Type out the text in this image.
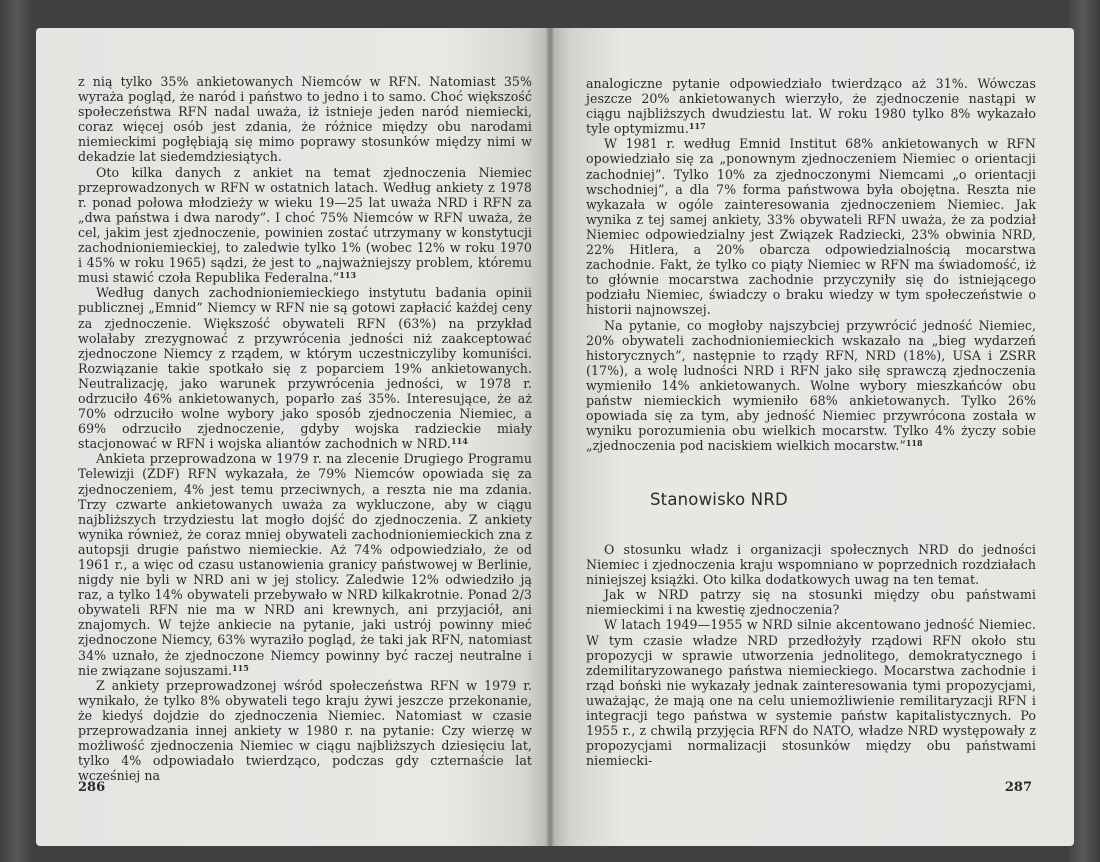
z nią tylko 35% ankietowanych Niemców w RFN. Natomiast 35% wyraża pogląd, że naród i państwo to jedno i to samo. Choć większość społeczeństwa RFN nadal uważa, iż istnieje jeden naród niemiecki, coraz więcej osób jest zdania, że różnice między obu narodami niemieckimi pogłębiają się mimo poprawy stosunków między nimi w dekadzie lat siedemdziesiątych.

Oto kilka danych z ankiet na temat zjednoczenia Niemiec przeprowadzonych w RFN w ostatnich latach. Według ankiety z 1978 r. ponad połowa młodzieży w wieku 19—25 lat uważa NRD i RFN za „dwa państwa i dwa narody”. I choć 75% Niemców w RFN uważa, że cel, jakim jest zjednoczenie, powinien zostać utrzymany w konstytucji zachodnioniemieckiej, to zaledwie tylko 1% (wobec 12% w roku 1970 i 45% w roku 1965) sądzi, że jest to „najważniejszy problem, któremu musi stawić czoła Republika Federalna.”$^{113}$

Według danych zachodnioniemieckiego instytutu badania opinii publicznej „Emnid” Niemcy w RFN nie są gotowi zapłacić każdej ceny za zjednoczenie. Większość obywateli RFN (63%) na przykład wolałaby zrezygnować z przywrócenia jedności niż zaakceptować zjednoczone Niemcy z rządem, w którym uczestniczyliby komuniści. Rozwiązanie takie spotkało się z poparciem 19% ankietowanych. Neutralizację, jako warunek przywrócenia jedności, w 1978 r. odrzuciło 46% ankietowanych, poparło zaś 35%. Interesujące, że aż 70% odrzuciło wolne wybory jako sposób zjednoczenia Niemiec, a 69% odrzuciło zjednoczenie, gdyby wojska radzieckie miały stacjonować w RFN i wojska aliantów zachodnich w NRD.$^{114}$

Ankieta przeprowadzona w 1979 r. na zlecenie Drugiego Programu Telewizji (ZDF) RFN wykazała, że 79% Niemców opowiada się za zjednoczeniem, 4% jest temu przeciwnych, a reszta nie ma zdania. Trzy czwarte ankietowanych uważa za wykluczone, aby w ciągu najbliższych trzydziestu lat mogło dojść do zjednoczenia. Z ankiety wynika również, że coraz mniej obywateli zachodnioniemieckich zna z autopsji drugie państwo niemieckie. Aż 74% odpowiedziało, że od 1961 r., a więc od czasu ustanowienia granicy państwowej w Berlinie, nigdy nie byli w NRD ani w jej stolicy. Zaledwie 12% odwiedziło ją raz, a tylko 14% obywateli przebywało w NRD kilkakrotnie. Ponad 2/3 obywateli RFN nie ma w NRD ani krewnych, ani przyjaciół, ani znajomych. W tejże ankiecie na pytanie, jaki ustrój powinny mieć zjednoczone Niemcy, 63% wyraziło pogląd, że taki jak RFN, natomiast 34% uznało, że zjednoczone Niemcy powinny być raczej neutralne i nie związane sojuszami.$^{115}$

Z ankiety przeprowadzonej wśród społeczeństwa RFN w 1979 r. wynikało, że tylko 8% obywateli tego kraju żywi jeszcze przekonanie, że kiedyś dojdzie do zjednoczenia Niemiec. Natomiast w czasie przeprowadzania innej ankiety w 1980 r. na pytanie: Czy wierzę w możliwość zjednoczenia Niemiec w ciągu najbliższych dziesięciu lat, tylko 4% odpowiadało twierdząco, podczas gdy czternaście lat wcześniej na

286

analogiczne pytanie odpowiedziało twierdząco aż 31%. Wówczas jeszcze 20% ankietowanych wierzyło, że zjednoczenie nastąpi w ciągu najbliższych dwudziestu lat. W roku 1980 tylko 8% wykazało tyle optymizmu.$^{117}$

W 1981 r. według Emnid Institut 68% ankietowanych w RFN opowiedziało się za „ponownym zjednoczeniem Niemiec o orientacji zachodniej”. Tylko 10% za zjednoczonymi Niemcami „o orientacji wschodniej”, a dla 7% forma państwowa była obojętna. Reszta nie wykazała w ogóle zainteresowania zjednoczeniem Niemiec. Jak wynika z tej samej ankiety, 33% obywateli RFN uważa, że za podział Niemiec odpowiedzialny jest Związek Radziecki, 23% obwinia NRD, 22% Hitlera, a 20% obarcza odpowiedzialnością mocarstwa zachodnie. Fakt, że tylko co piąty Niemiec w RFN ma świadomość, iż to głównie mocarstwa zachodnie przyczyniły się do istniejącego podziału Niemiec, świadczy o braku wiedzy w tym społeczeństwie o historii najnowszej.

Na pytanie, co mogłoby najszybciej przywrócić jedność Niemiec, 20% obywateli zachodnioniemieckich wskazało na „bieg wydarzeń historycznych”, następnie to rządy RFN, NRD (18%), USA i ZSRR (17%), a wolę ludności NRD i RFN jako siłę sprawczą zjednoczenia wymieniło 14% ankietowanych. Wolne wybory mieszkańców obu państw niemieckich wymieniło 68% ankietowanych. Tylko 26% opowiada się za tym, aby jedność Niemiec przywrócona została w wyniku porozumienia obu wielkich mocarstw. Tylko 4% życzy sobie „zjednoczenia pod naciskiem wielkich mocarstw.”$^{118}$

Stanowisko NRD

O stosunku władz i organizacji społecznych NRD do jedności Niemiec i zjednoczenia kraju wspomniano w poprzednich rozdziałach niniejszej książki. Oto kilka dodatkowych uwag na ten temat.

Jak w NRD patrzy się na stosunki między obu państwami niemieckimi i na kwestię zjednoczenia?

W latach 1949—1955 w NRD silnie akcentowano jedność Niemiec. W tym czasie władze NRD przedłożyły rządowi RFN około stu propozycji w sprawie utworzenia jednolitego, demokratycznego i zdemilitaryzowanego państwa niemieckiego. Mocarstwa zachodnie i rząd boński nie wykazały jednak zainteresowania tymi propozycjami, uważając, że mają one na celu uniemożliwienie remilitaryzacji RFN i integracji tego państwa w systemie państw kapitalistycznych. Po 1955 r., z chwilą przyjęcia RFN do NATO, władze NRD występowały z propozycjami normalizacji stosunków między obu państwami niemiecki-

287
